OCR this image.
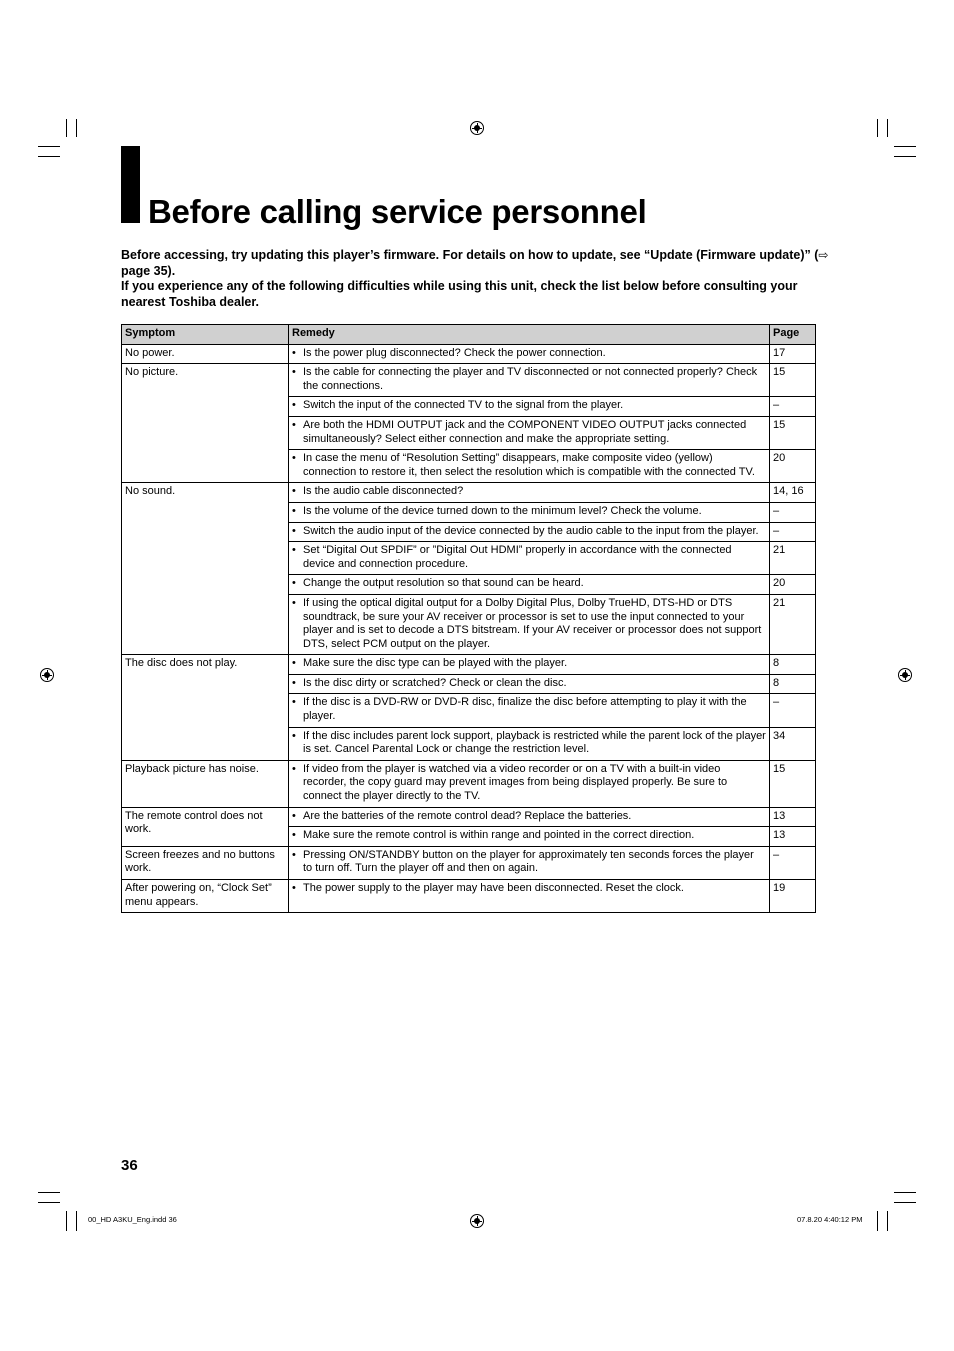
Before calling service personnel

Before accessing, try updating this player’s firmware. For details on how to update, see “Update (Firmware update)” (⇨ page 35).

If you experience any of the following difficulties while using this unit, check the list below before consulting your nearest Toshiba dealer.

Symptom	Remedy	Page
No power.	• Is the power plug disconnected? Check the power connection.	17
No picture.	• Is the cable for connecting the player and TV disconnected or not connected properly? Check the connections.	15

	• Switch the input of the connected TV to the signal from the player.	–

	• Are both the HDMI OUTPUT jack and the COMPONENT VIDEO OUTPUT jacks connected simultaneously? Select either connection and make the appropriate setting.	15

	• In case the menu of “Resolution Setting” disappears, make composite video (yellow) connection to restore it, then select the resolution which is compatible with the connected TV.	20
No sound.	• Is the audio cable disconnected?	14, 16

	• Is the volume of the device turned down to the minimum level? Check the volume.	–

	• Switch the audio input of the device connected by the audio cable to the input from the player.	–

	• Set “Digital Out SPDIF” or ”Digital Out HDMI” properly in accordance with the connected device and connection procedure.	21

	• Change the output resolution so that sound can be heard.	20

	• If using the optical digital output for a Dolby Digital Plus, Dolby TrueHD, DTS-HD or DTS soundtrack, be sure your AV receiver or processor is set to use the input connected to your player and is set to decode a DTS bitstream. If your AV receiver or processor does not support DTS, select PCM output on the player.	21
The disc does not play.	• Make sure the disc type can be played with the player.	8

	• Is the disc dirty or scratched? Check or clean the disc.	8

	• If the disc is a DVD-RW or DVD-R disc, finalize the disc before attempting to play it with the player.	–

	• If the disc includes parent lock support, playback is restricted while the parent lock of the player is set. Cancel Parental Lock or change the restriction level.	34
Playback picture has noise.	• If video from the player is watched via a video recorder or on a TV with a built-in video recorder, the copy guard may prevent images from being displayed properly. Be sure to connect the player directly to the TV.	15
The remote control does not work.	• Are the batteries of the remote control dead? Replace the batteries.	13

	• Make sure the remote control is within range and pointed in the correct direction.	13
Screen freezes and no buttons work.	• Pressing ON/STANDBY button on the player for approximately ten seconds forces the player to turn off. Turn the player off and then on again.	–
After powering on, “Clock Set” menu appears.	• The power supply to the player may have been disconnected. Reset the clock.	19
36
00_HD A3KU_Eng.indd 36	07.8.20 4:40:12 PM
